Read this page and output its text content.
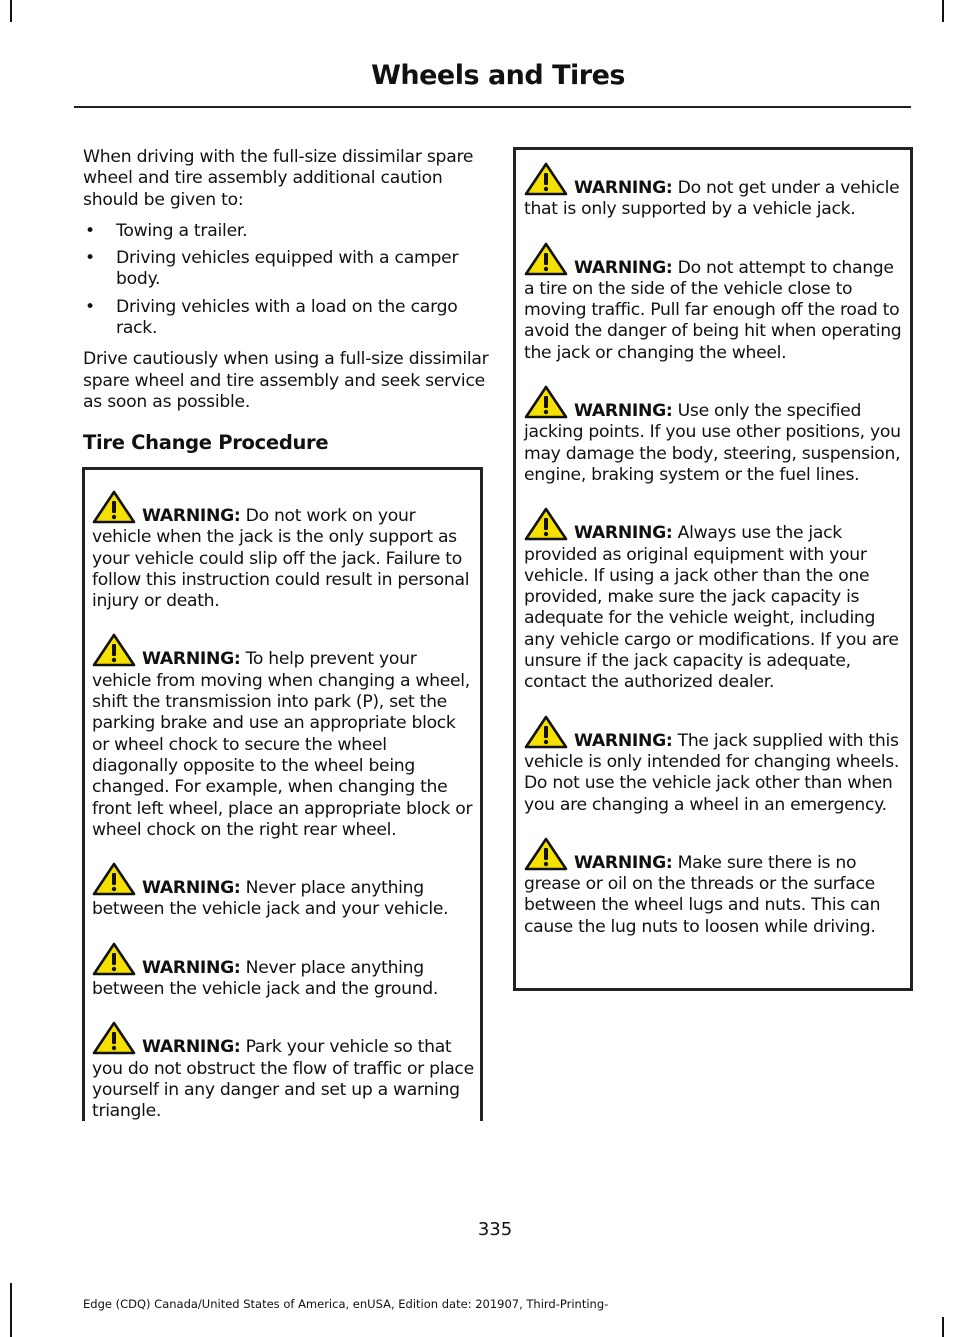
Wheels and Tires

When driving with the full-size dissimilar spare wheel and tire assembly additional caution should be given to:

• Towing a trailer.
• Driving vehicles equipped with a camper body.
• Driving vehicles with a load on the cargo rack.

Drive cautiously when using a full-size dissimilar spare wheel and tire assembly and seek service as soon as possible.

Tire Change Procedure
WARNING: Do not work on your vehicle when the jack is the only support as your vehicle could slip off the jack. Failure to follow this instruction could result in personal injury or death.
WARNING: To help prevent your vehicle from moving when changing a wheel, shift the transmission into park (P), set the parking brake and use an appropriate block or wheel chock to secure the wheel diagonally opposite to the wheel being changed. For example, when changing the front left wheel, place an appropriate block or wheel chock on the right rear wheel.
WARNING: Never place anything between the vehicle jack and your vehicle.
WARNING: Never place anything between the vehicle jack and the ground.
WARNING: Park your vehicle so that you do not obstruct the flow of traffic or place yourself in any danger and set up a warning triangle.
WARNING: Do not get under a vehicle that is only supported by a vehicle jack.
WARNING: Do not attempt to change a tire on the side of the vehicle close to moving traffic. Pull far enough off the road to avoid the danger of being hit when operating the jack or changing the wheel.
WARNING: Use only the specified jacking points. If you use other positions, you may damage the body, steering, suspension, engine, braking system or the fuel lines.
WARNING: Always use the jack provided as original equipment with your vehicle. If using a jack other than the one provided, make sure the jack capacity is adequate for the vehicle weight, including any vehicle cargo or modifications. If you are unsure if the jack capacity is adequate, contact the authorized dealer.
WARNING: The jack supplied with this vehicle is only intended for changing wheels. Do not use the vehicle jack other than when you are changing a wheel in an emergency.
WARNING: Make sure there is no grease or oil on the threads or the surface between the wheel lugs and nuts. This can cause the lug nuts to loosen while driving.
335
Edge (CDQ) Canada/United States of America, enUSA, Edition date: 201907, Third-Printing-
